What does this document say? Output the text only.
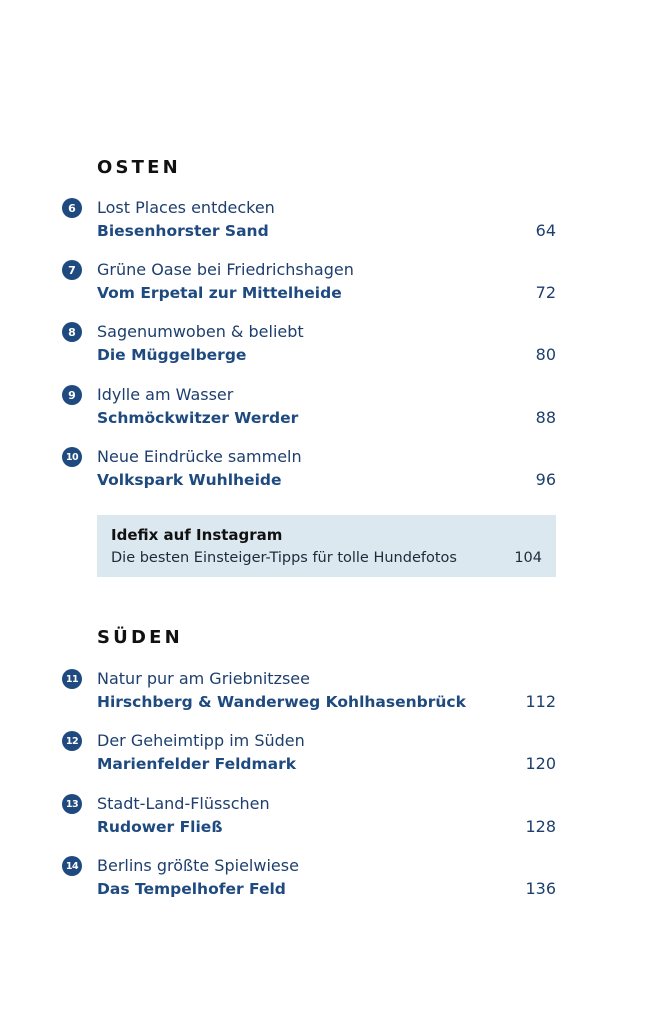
OSTEN
6	Lost Places entdecken
Biesenhorster Sand	64
7	Grüne Oase bei Friedrichshagen
Vom Erpetal zur Mittelheide	72
8	Sagenumwoben & beliebt
Die Müggelberge	80
9	Idylle am Wasser
Schmöckwitzer Werder	88
10 Neue Eindrücke sammeln
Volkspark Wuhlheide	96
Idefix auf Instagram
Die besten Einsteiger-Tipps für tolle Hundefotos	104
SÜDEN
11 Natur pur am Griebnitzsee
Hirschberg & Wanderweg Kohlhasenbrück	112
12 Der Geheimtipp im Süden
Marienfelder Feldmark	120
13 Stadt-Land-Flüsschen
Rudower Fließ	128
14 Berlins größte Spielwiese
Das Tempelhofer Feld	136
